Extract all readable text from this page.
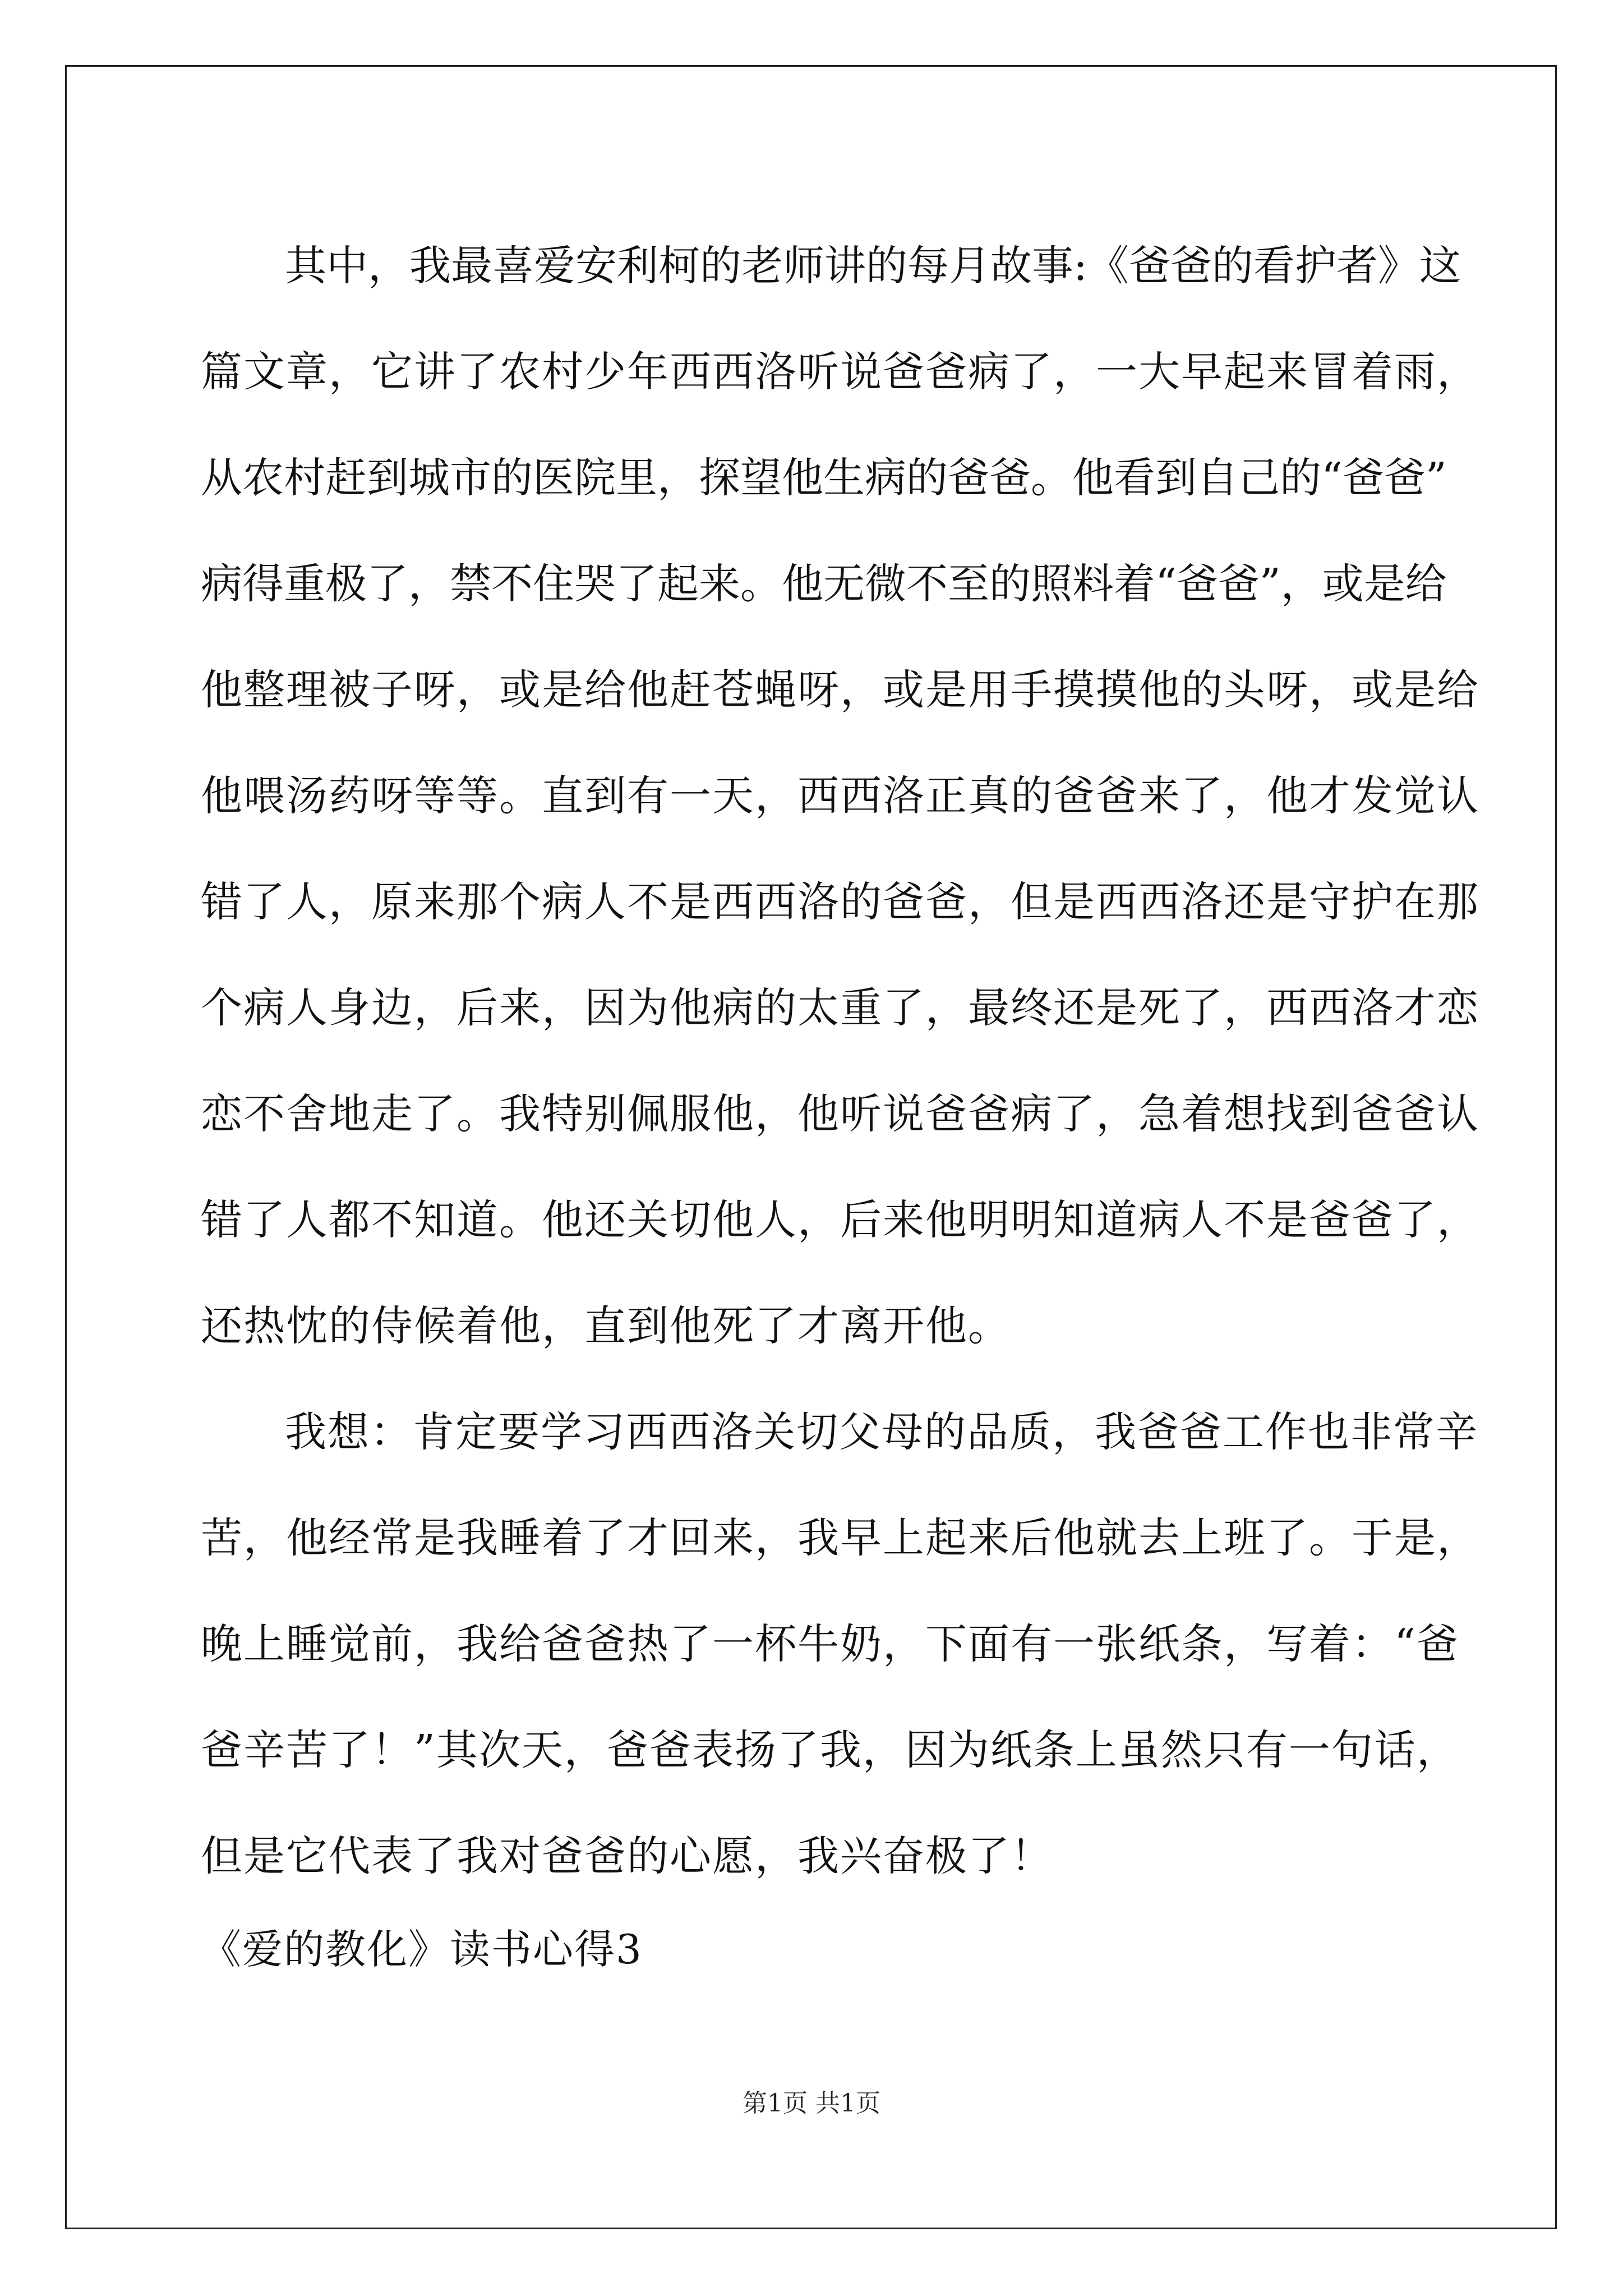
其中，我最喜爱安利柯的老师讲的每月故事:《爸爸的看护者》这
篇文章，它讲了农村少年西西洛听说爸爸病了，一大早起来冒着雨，
从农村赶到城市的医院里，探望他生病的爸爸。他看到自己的“爸爸”
病得重极了，禁不住哭了起来。他无微不至的照料着“爸爸”，或是给
他整理被子呀，或是给他赶苍蝇呀，或是用手摸摸他的头呀，或是给
他喂汤药呀等等。直到有一天，西西洛正真的爸爸来了，他才发觉认
错了人，原来那个病人不是西西洛的爸爸，但是西西洛还是守护在那
个病人身边，后来，因为他病的太重了，最终还是死了，西西洛才恋
恋不舍地走了。我特别佩服他，他听说爸爸病了，急着想找到爸爸认
错了人都不知道。他还关切他人，后来他明明知道病人不是爸爸了，
还热忱的侍候着他，直到他死了才离开他。
我想：肯定要学习西西洛关切父母的品质，我爸爸工作也非常辛
苦，他经常是我睡着了才回来，我早上起来后他就去上班了。于是，
晚上睡觉前，我给爸爸热了一杯牛奶，下面有一张纸条，写着：“爸
爸辛苦了！”其次天，爸爸表扬了我，因为纸条上虽然只有一句话，
但是它代表了我对爸爸的心愿，我兴奋极了！
《爱的教化》读书心得3
第1页 共1页
